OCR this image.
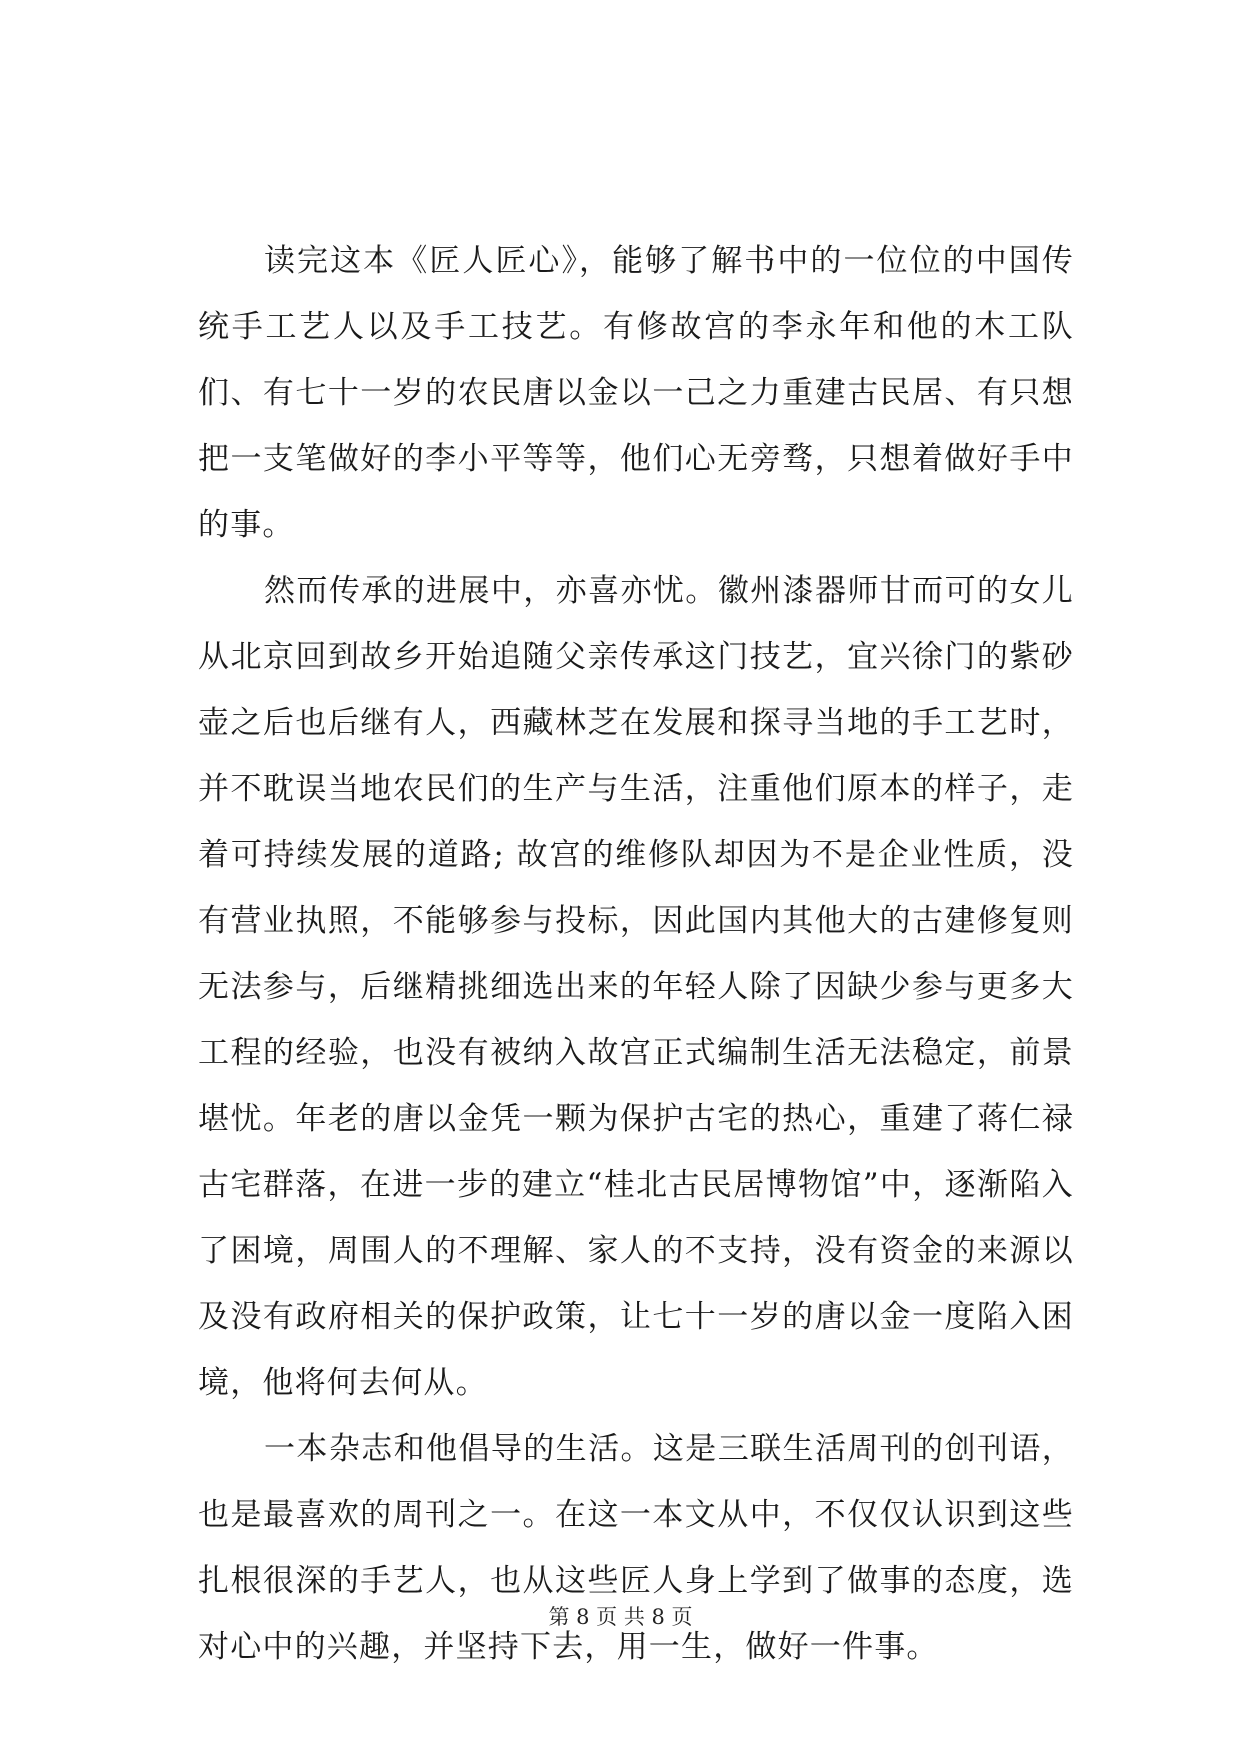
读完这本《匠人匠心》，能够了解书中的一位位的中国传统手工艺人以及手工技艺。有修故宫的李永年和他的木工队们、有七十一岁的农民唐以金以一己之力重建古民居、有只想把一支笔做好的李小平等等，他们心无旁骛，只想着做好手中的事。

然而传承的进展中，亦喜亦忧。徽州漆器师甘而可的女儿从北京回到故乡开始追随父亲传承这门技艺，宜兴徐门的紫砂壶之后也后继有人，西藏林芝在发展和探寻当地的手工艺时，并不耽误当地农民们的生产与生活，注重他们原本的样子，走着可持续发展的道路; 故宫的维修队却因为不是企业性质，没有营业执照，不能够参与投标，因此国内其他大的古建修复则无法参与，后继精挑细选出来的年轻人除了因缺少参与更多大工程的经验，也没有被纳入故宫正式编制生活无法稳定，前景堪忧。年老的唐以金凭一颗为保护古宅的热心，重建了蒋仁禄古宅群落，在进一步的建立“桂北古民居博物馆”中，逐渐陷入了困境，周围人的不理解、家人的不支持，没有资金的来源以及没有政府相关的保护政策，让七十一岁的唐以金一度陷入困境，他将何去何从。

一本杂志和他倡导的生活。这是三联生活周刊的创刊语，也是最喜欢的周刊之一。在这一本文从中，不仅仅认识到这些扎根很深的手艺人，也从这些匠人身上学到了做事的态度，选对心中的兴趣，并坚持下去，用一生，做好一件事。

第 8 页 共 8 页
